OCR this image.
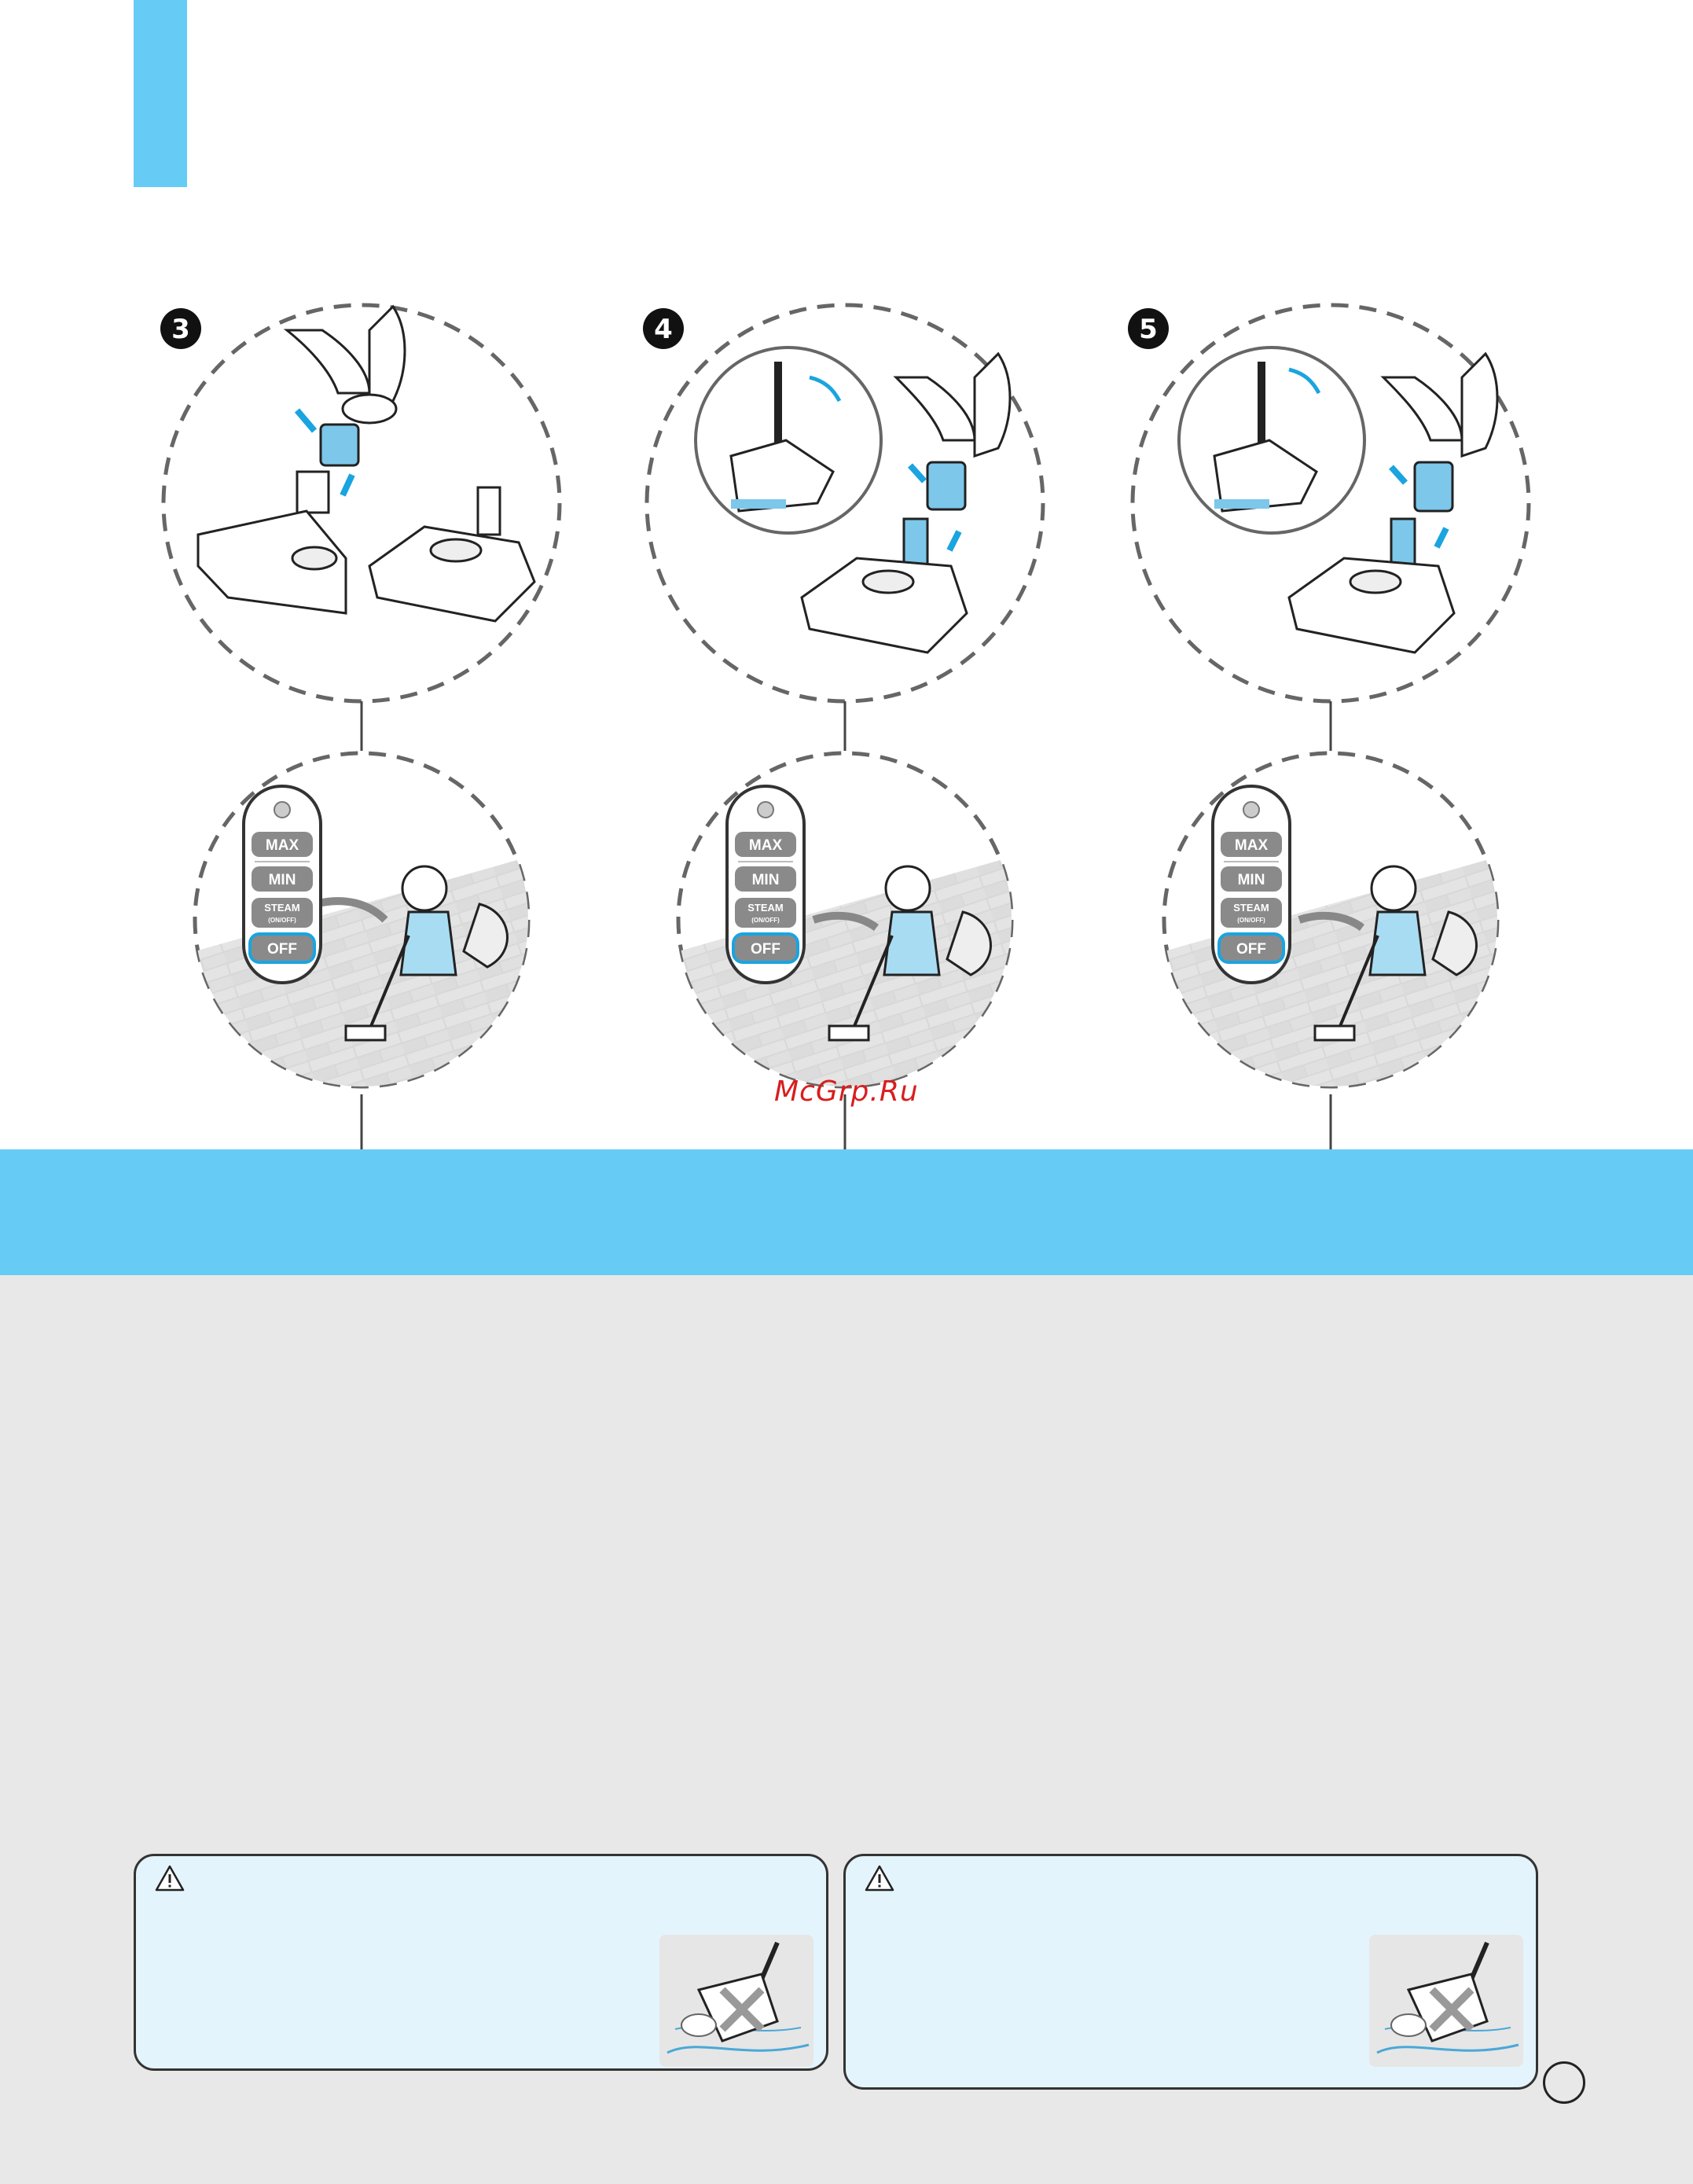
3
MAX
MIN
STEAM
(ON/OFF)
OFF
4
MAX
MIN
STEAM
(ON/OFF)
OFF
5
MAX
MIN
STEAM
(ON/OFF)
OFF
McGrp.Ru
